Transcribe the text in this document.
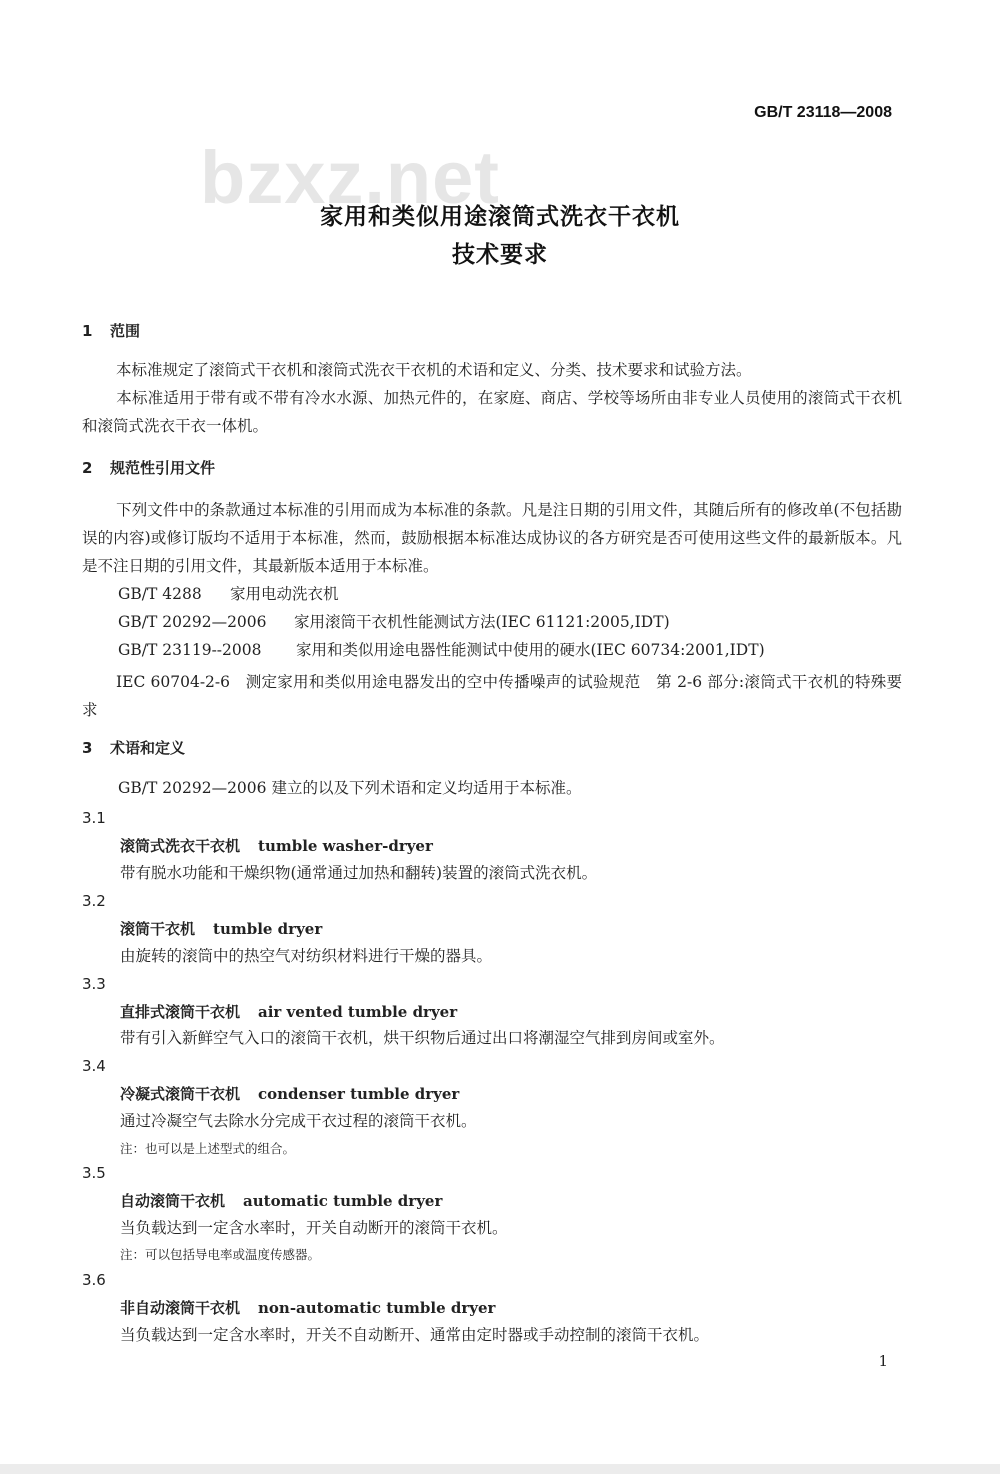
bzxz.net
GB/T 23118—2008
家用和类似用途滚筒式洗衣干衣机
技术要求
1 范围
本标准规定了滚筒式干衣机和滚筒式洗衣干衣机的术语和定义、分类、技术要求和试验方法。
本标准适用于带有或不带有冷水水源、加热元件的，在家庭、商店、学校等场所由非专业人员使用的滚筒式干衣机和滚筒式洗衣干衣一体机。
2 规范性引用文件
下列文件中的条款通过本标准的引用而成为本标准的条款。凡是注日期的引用文件，其随后所有的修改单(不包括勘误的内容)或修订版均不适用于本标准，然而，鼓励根据本标准达成协议的各方研究是否可使用这些文件的最新版本。凡是不注日期的引用文件，其最新版本适用于本标准。
GB/T 4288 家用电动洗衣机
GB/T 20292—2006 家用滚筒干衣机性能测试方法(IEC 61121:2005,IDT)
GB/T 23119--2008 家用和类似用途电器性能测试中使用的硬水(IEC 60734:2001,IDT)
IEC 60704-2-6 测定家用和类似用途电器发出的空中传播噪声的试验规范　第 2-6 部分:滚筒式干衣机的特殊要求
3 术语和定义
GB/T 20292—2006 建立的以及下列术语和定义均适用于本标准。
3.1
滚筒式洗衣干衣机 tumble washer-dryer
带有脱水功能和干燥织物(通常通过加热和翻转)装置的滚筒式洗衣机。
3.2
滚筒干衣机 tumble dryer
由旋转的滚筒中的热空气对纺织材料进行干燥的器具。
3.3
直排式滚筒干衣机 air vented tumble dryer
带有引入新鲜空气入口的滚筒干衣机，烘干织物后通过出口将潮湿空气排到房间或室外。
3.4
冷凝式滚筒干衣机 condenser tumble dryer
通过冷凝空气去除水分完成干衣过程的滚筒干衣机。
注：也可以是上述型式的组合。
3.5
自动滚筒干衣机 automatic tumble dryer
当负载达到一定含水率时，开关自动断开的滚筒干衣机。
注：可以包括导电率或温度传感器。
3.6
非自动滚筒干衣机 non-automatic tumble dryer
当负载达到一定含水率时，开关不自动断开、通常由定时器或手动控制的滚筒干衣机。
1
